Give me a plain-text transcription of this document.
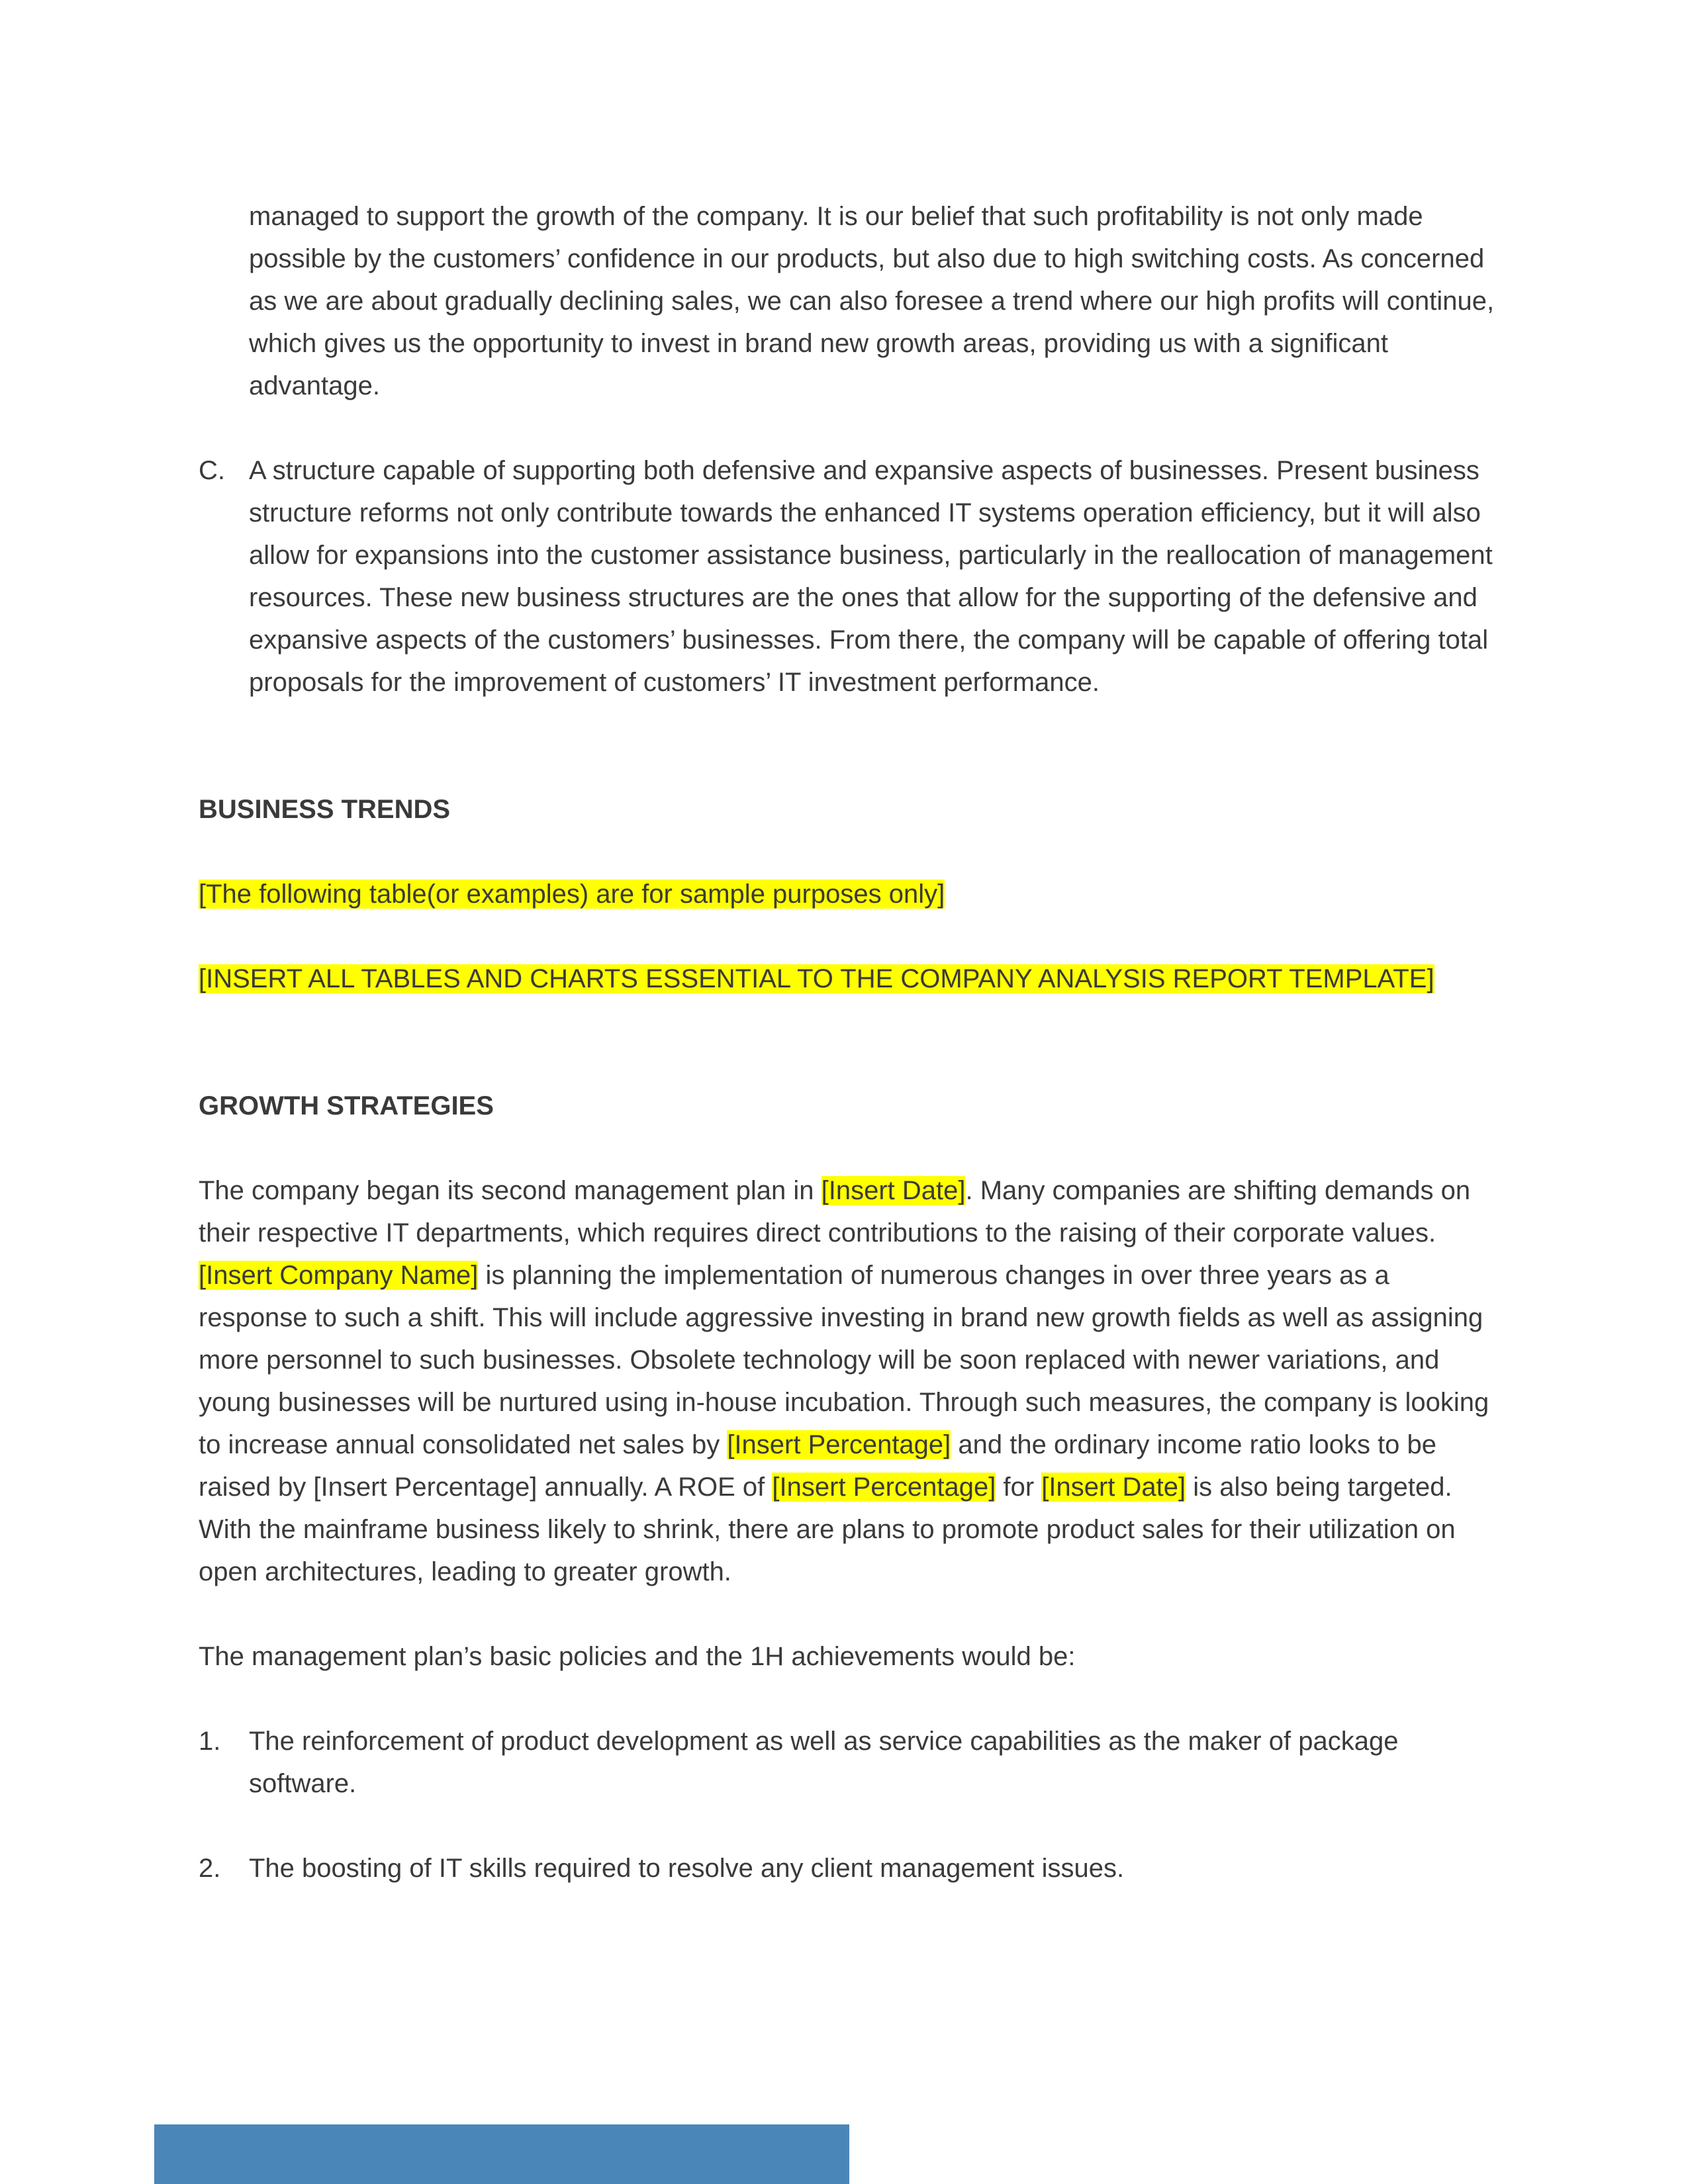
managed to support the growth of the company. It is our belief that such profitability is not only made possible by the customers’ confidence in our products, but also due to high switching costs. As concerned as we are about gradually declining sales, we can also foresee a trend where our high profits will continue, which gives us the opportunity to invest in brand new growth areas, providing us with a significant advantage.

C. A structure capable of supporting both defensive and expansive aspects of businesses. Present business structure reforms not only contribute towards the enhanced IT systems operation efficiency, but it will also allow for expansions into the customer assistance business, particularly in the reallocation of management resources. These new business structures are the ones that allow for the supporting of the defensive and expansive aspects of the customers’ businesses. From there, the company will be capable of offering total proposals for the improvement of customers’ IT investment performance.

BUSINESS TRENDS

[The following table(or examples) are for sample purposes only]

[INSERT ALL TABLES AND CHARTS ESSENTIAL TO THE COMPANY ANALYSIS REPORT TEMPLATE]

GROWTH STRATEGIES

The company began its second management plan in [Insert Date]. Many companies are shifting demands on their respective IT departments, which requires direct contributions to the raising of their corporate values. [Insert Company Name] is planning the implementation of numerous changes in over three years as a response to such a shift. This will include aggressive investing in brand new growth fields as well as assigning more personnel to such businesses. Obsolete technology will be soon replaced with newer variations, and young businesses will be nurtured using in-house incubation. Through such measures, the company is looking to increase annual consolidated net sales by [Insert Percentage] and the ordinary income ratio looks to be raised by [Insert Percentage] annually. A ROE of [Insert Percentage] for [Insert Date] is also being targeted. With the mainframe business likely to shrink, there are plans to promote product sales for their utilization on open architectures, leading to greater growth.

The management plan’s basic policies and the 1H achievements would be:

1.	The reinforcement of product development as well as service capabilities as the maker of package software.
2.	The boosting of IT skills required to resolve any client management issues.
